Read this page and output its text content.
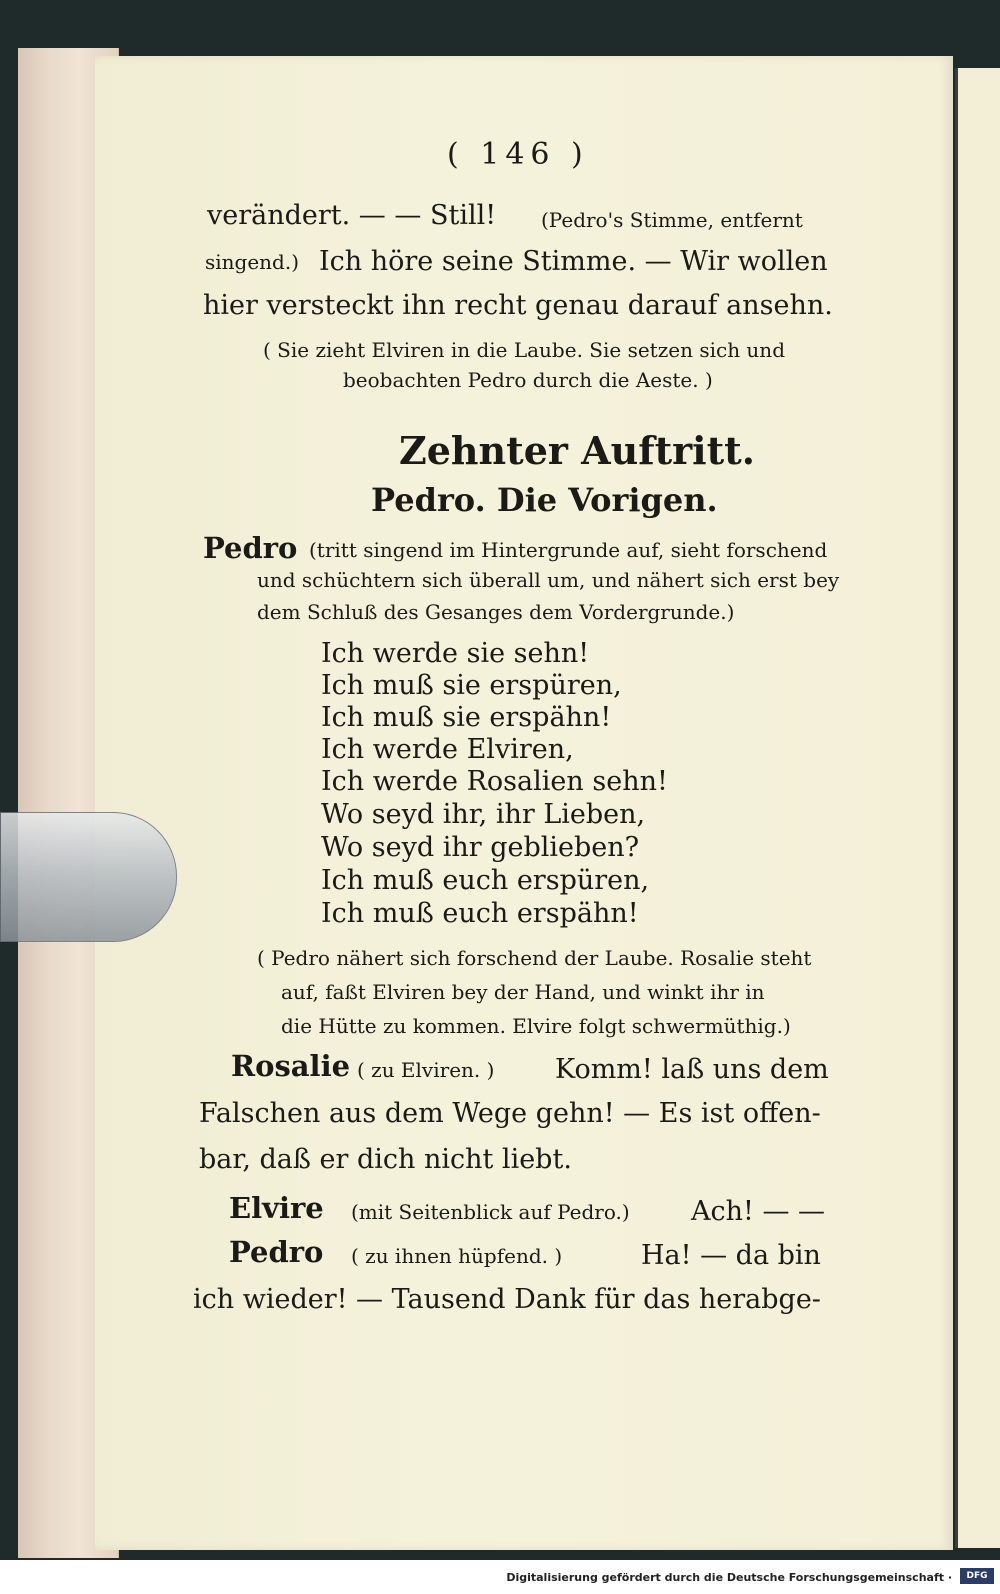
( 146 )
verändert. — — Still! (Pedro's Stimme, entfernt
singend.) Ich höre seine Stimme. — Wir wollen
hier versteckt ihn recht genau darauf ansehn.
( Sie zieht Elviren in die Laube. Sie setzen sich und
beobachten Pedro durch die Aeste. )
Zehnter Auftritt.
Pedro. Die Vorigen.
Pedro (tritt singend im Hintergrunde auf, sieht forschend
und schüchtern sich überall um, und nähert sich erst bey
dem Schluß des Gesanges dem Vordergrunde.)
Ich werde sie sehn!
Ich muß sie erspüren,
Ich muß sie erspähn!
Ich werde Elviren,
Ich werde Rosalien sehn!
Wo seyd ihr, ihr Lieben,
Wo seyd ihr geblieben?
Ich muß euch erspüren,
Ich muß euch erspähn!
( Pedro nähert sich forschend der Laube. Rosalie steht
auf, faßt Elviren bey der Hand, und winkt ihr in
die Hütte zu kommen. Elvire folgt schwermüthig.)
Rosalie ( zu Elviren. ) Komm! laß uns dem
Falschen aus dem Wege gehn! — Es ist offen-
bar, daß er dich nicht liebt.
Elvire (mit Seitenblick auf Pedro.) Ach! — —
Pedro ( zu ihnen hüpfend. )	Ha! — da bin
ich wieder! — Tausend Dank für das herabge-
Digitalisierung gefördert durch die Deutsche Forschungsgemeinschaft ·	DFG
